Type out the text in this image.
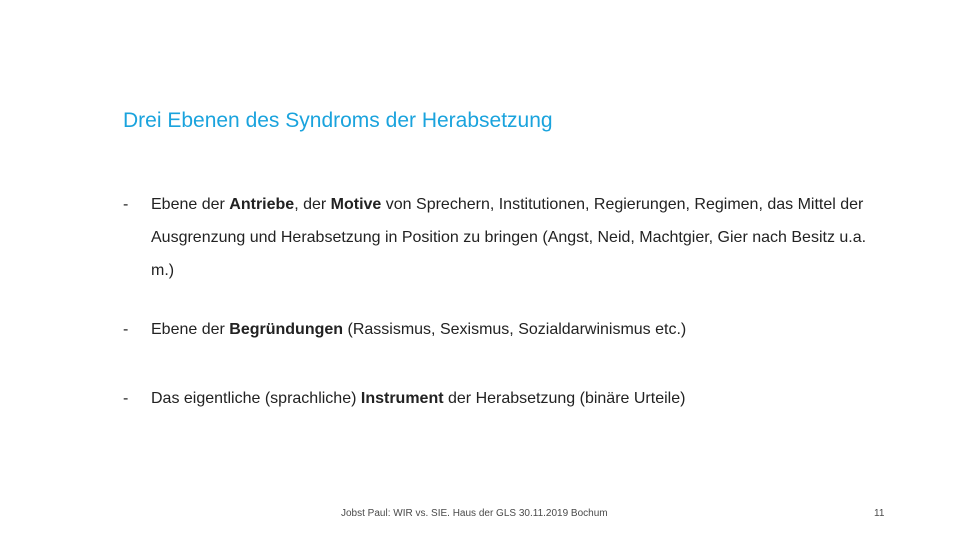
Drei Ebenen des Syndroms der Herabsetzung
- Ebene der Antriebe, der Motive von Sprechern, Institutionen, Regierungen, Regimen, das Mittel der Ausgrenzung und Herabsetzung in Position zu bringen (Angst, Neid, Machtgier, Gier nach Besitz u.a. m.)
- Ebene der Begründungen (Rassismus, Sexismus, Sozialdarwinismus etc.)
- Das eigentliche (sprachliche) Instrument der Herabsetzung (binäre Urteile)
Jobst Paul: WIR vs. SIE. Haus der GLS 30.11.2019 Bochum	11
